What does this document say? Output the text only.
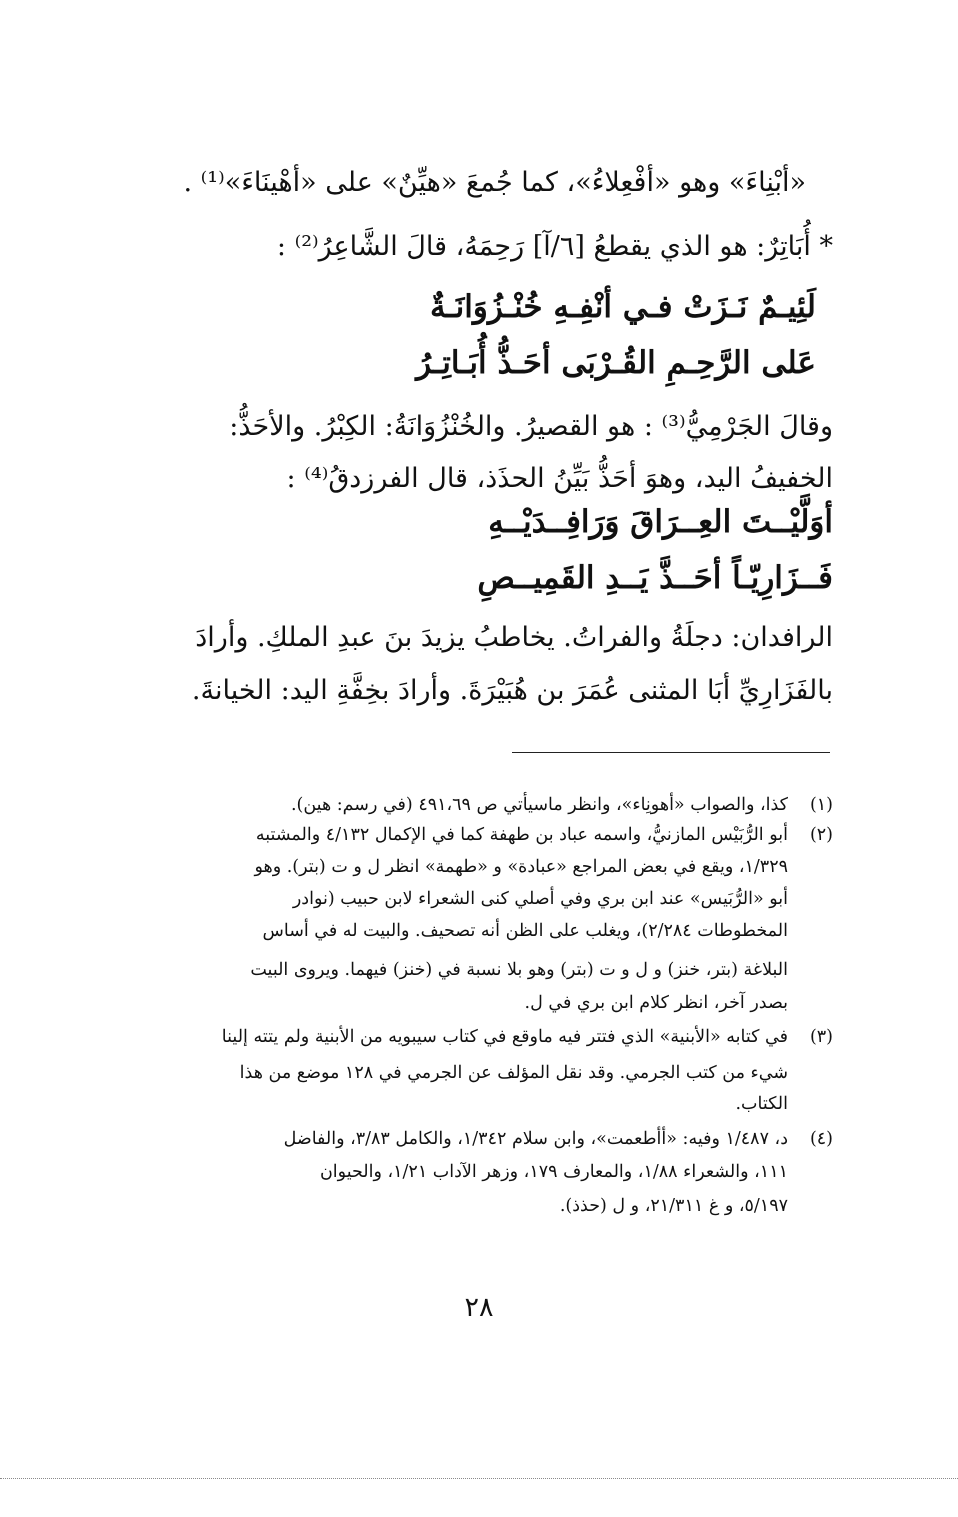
«أبْنِاءَ» وهو «أفْعِلاءُ»، كما جُمعَ «هيِّنٌ» على «أهْينَاءَ»⁽¹⁾ .
* أُبَاتِرٌ: هو الذي يقطعُ [٦/آ] رَحِمَهُ، قالَ الشَّاعِرُ⁽²⁾ :
لَئِيـمٌ نَـزَتْ فـي أنْفِـهِ خُنْـزُوَانَـةٌ
عَلى الرَّحِـمِ القُـرْبَى أحَـذُّ أُبَـاتِـرُ
وقالَ الجَرْمِيُّ⁽³⁾ : هو القصيرُ. والخُنْزُوَانَةُ: الكِبْرُ. والأحَذُّ:
الخفيفُ اليد، وهوَ أحَذُّ بَيِّنُ الحذَذ، قال الفرزدقُ⁽⁴⁾ :
أوَلَّيْــتَ العِــرَاقَ وَرَافِــدَيْــهِ
فَــزَارِيّـاً أحَــذَّ يَــدِ القَمِيــصِ
الرافدان: دجلَةُ والفراتُ. يخاطبُ يزيدَ بنَ عبدِ الملكِ. وأرادَ
بالفَزَارِيِّ أبَا المثنى عُمَرَ بن هُبَيْرَةَ. وأرادَ بخِفَّةِ اليد: الخيانةَ.
(١)
كذا، والصواب «أهونِاء»، وانظر ماسيأتي ص ٤٩١،٦٩ (في رسم: هين).
(٢)
أبو الرُّبَيْس المازنيُّ، واسمه عباد بن طهفة كما في الإكمال ٤/١٣٢ والمشتبه
١/٣٢٩، ويقع في بعض المراجع «عبادة» و «طهمة» انظر ل و ت (بتر). وهو
أبو «الرُّبَيس» عند ابن بري وفي أصلي كنى الشعراء لابن حبيب (نوادر
المخطوطات ٢/٢٨٤)، ويغلب على الظن أنه تصحيف. والبيت له في أساس
البلاغة (بتر، خنز) و ل و ت (بتر) وهو بلا نسبة في (خنز) فيهما. ويروى البيت
بصدر آخر، انظر كلام ابن بري في ل.
(٣)
في كتابه «الأبنية» الذي فتتر فيه ماوقع في كتاب سيبويه من الأبنية ولم يتته إلينا
شيء من كتب الجرمي. وقد نقل المؤلف عن الجرمي في ١٢٨ موضع من هذا
الكتاب.
(٤)
د، ١/٤٨٧ وفيه: «أأطعمت»، وابن سلام ١/٣٤٢، والكامل ٣/٨٣، والفاضل
١١١، والشعراء ١/٨٨، والمعارف ١٧٩، وزهر الآداب ١/٢١، والحيوان
٥/١٩٧، و غ ٢١/٣١١، و ل (حذذ).
٢٨
